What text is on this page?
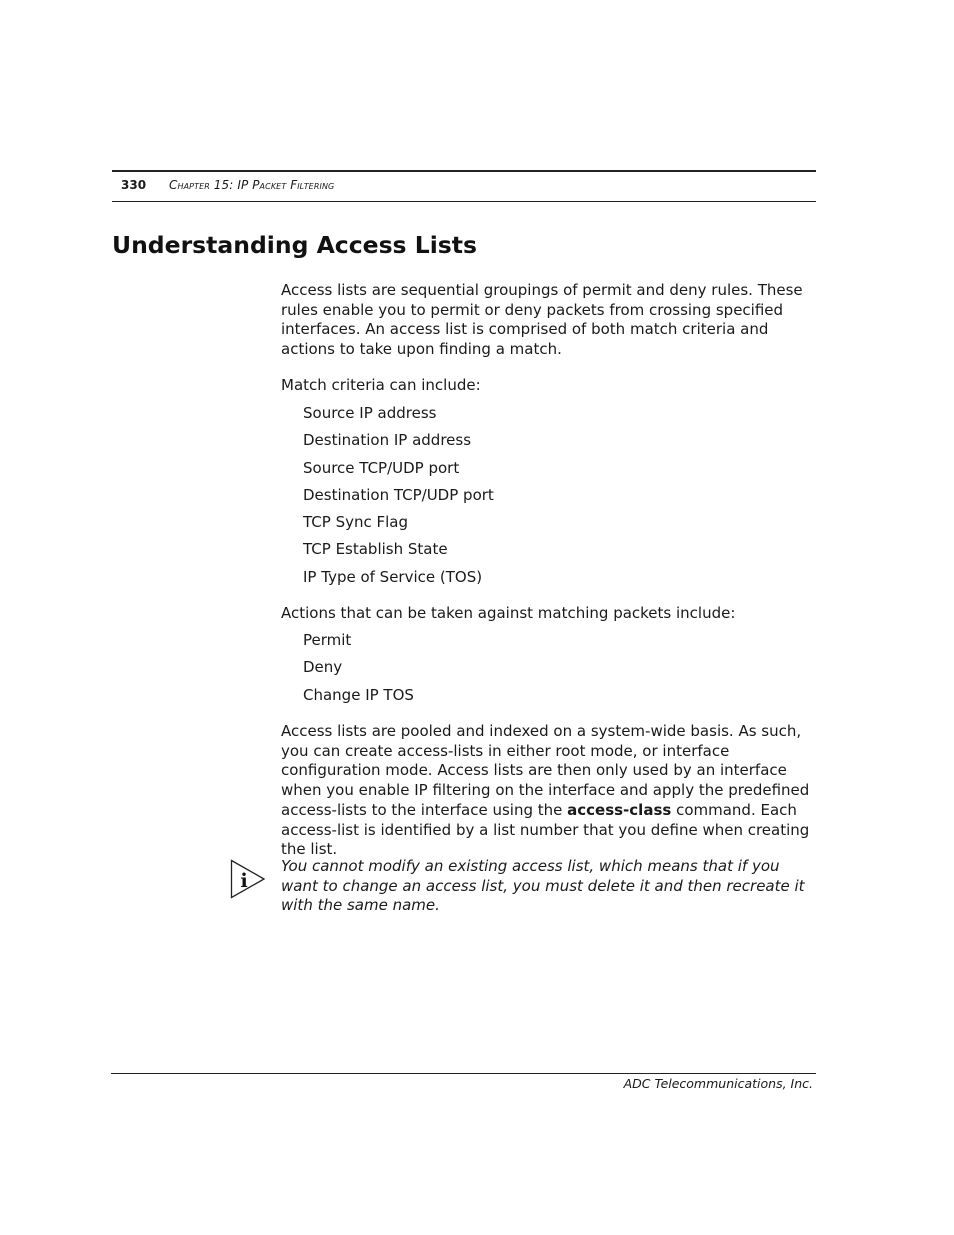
330 Chapter 15: IP Packet Filtering
Understanding Access Lists

Access lists are sequential groupings of permit and deny rules. These rules enable you to permit or deny packets from crossing specified interfaces. An access list is comprised of both match criteria and actions to take upon finding a match.

Match criteria can include:

Source IP address
Destination IP address
Source TCP/UDP port
Destination TCP/UDP port
TCP Sync Flag
TCP Establish State
IP Type of Service (TOS)

Actions that can be taken against matching packets include:

Permit
Deny
Change IP TOS

Access lists are pooled and indexed on a system-wide basis. As such, you can create access-lists in either root mode, or interface configuration mode. Access lists are then only used by an interface when you enable IP filtering on the interface and apply the predefined access-lists to the interface using the access-class command. Each access-list is identified by a list number that you define when creating the list.

i

You cannot modify an existing access list, which means that if you want to change an access list, you must delete it and then recreate it with the same name.

ADC Telecommunications, Inc.
